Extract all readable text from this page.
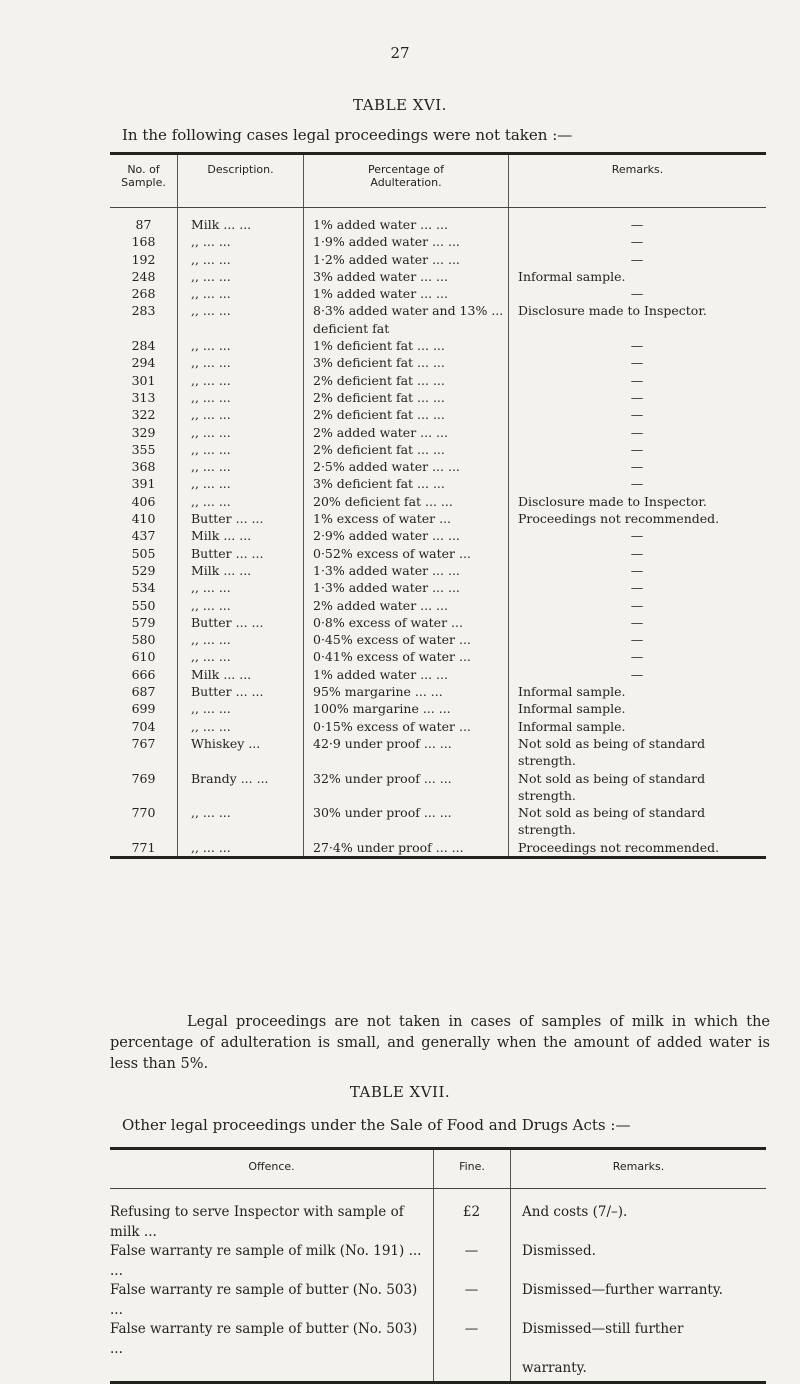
27
TABLE XVI.
In the following cases legal proceedings were not taken :—
No. of
Sample.
Description.	Percentage of
Adulteration.
Remarks.
87	Milk ... ...	1% added water ... ...	—
168	,, ... ...	1·9% added water ... ...	—
192	,, ... ...	1·2% added water ... ...	—
248	,, ... ...	3% added water ... ...	Informal sample.
268	,, ... ...	1% added water ... ...	—
283	,, ... ...	8·3% added water and 13% ...	Disclosure made to Inspector.
deficient fat
284	,, ... ...	1% deficient fat ... ...	—
294	,, ... ...	3% deficient fat ... ...	—
301	,, ... ...	2% deficient fat ... ...	—
313	,, ... ...	2% deficient fat ... ...	—
322	,, ... ...	2% deficient fat ... ...	—
329	,, ... ...	2% added water ... ...	—
355	,, ... ...	2% deficient fat ... ...	—
368	,, ... ...	2·5% added water ... ...	—
391	,, ... ...	3% deficient fat ... ...	—
406	,, ... ...	20% deficient fat ... ...	Disclosure made to Inspector.
410	Butter ... ...	1% excess of water ...	Proceedings not recommended.
437	Milk ... ...	2·9% added water ... ...	—
505	Butter ... ...	0·52% excess of water ...	—
529	Milk ... ...	1·3% added water ... ...	—
534	,, ... ...	1·3% added water ... ...	—
550	,, ... ...	2% added water ... ...	—
579	Butter ... ...	0·8% excess of water ...	—
580	,, ... ...	0·45% excess of water ...	—
610	,, ... ...	0·41% excess of water ...	—
666	Milk ... ...	1% added water ... ...	—
687	Butter ... ...	95% margarine ... ...	Informal sample.
699	,, ... ...	100% margarine ... ...	Informal sample.
704	,, ... ...	0·15% excess of water ...	Informal sample.
767	Whiskey ...	42·9 under proof ... ...	Not sold as being of standard
strength.
769	Brandy ... ...	32% under proof ... ...	Not sold as being of standard
strength.
770	,, ... ...	30% under proof ... ...	Not sold as being of standard
strength.
771	,, ... ...	27·4% under proof ... ...	Proceedings not recommended.
Legal proceedings are not taken in cases of samples of milk in which the percentage of adulteration is small, and generally when the amount of added water is less than 5%.
TABLE XVII.
Other legal proceedings under the Sale of Food and Drugs Acts :—
Offence.	Fine.	Remarks.
Refusing to serve Inspector with sample of milk ...
£2	And costs (7/–).
False warranty re sample of milk (No. 191) ... ...
—	Dismissed.
False warranty re sample of butter (No. 503) ...
—	Dismissed—further warranty.
False warranty re sample of butter (No. 503) ...
—	Dismissed—still further
warranty.
